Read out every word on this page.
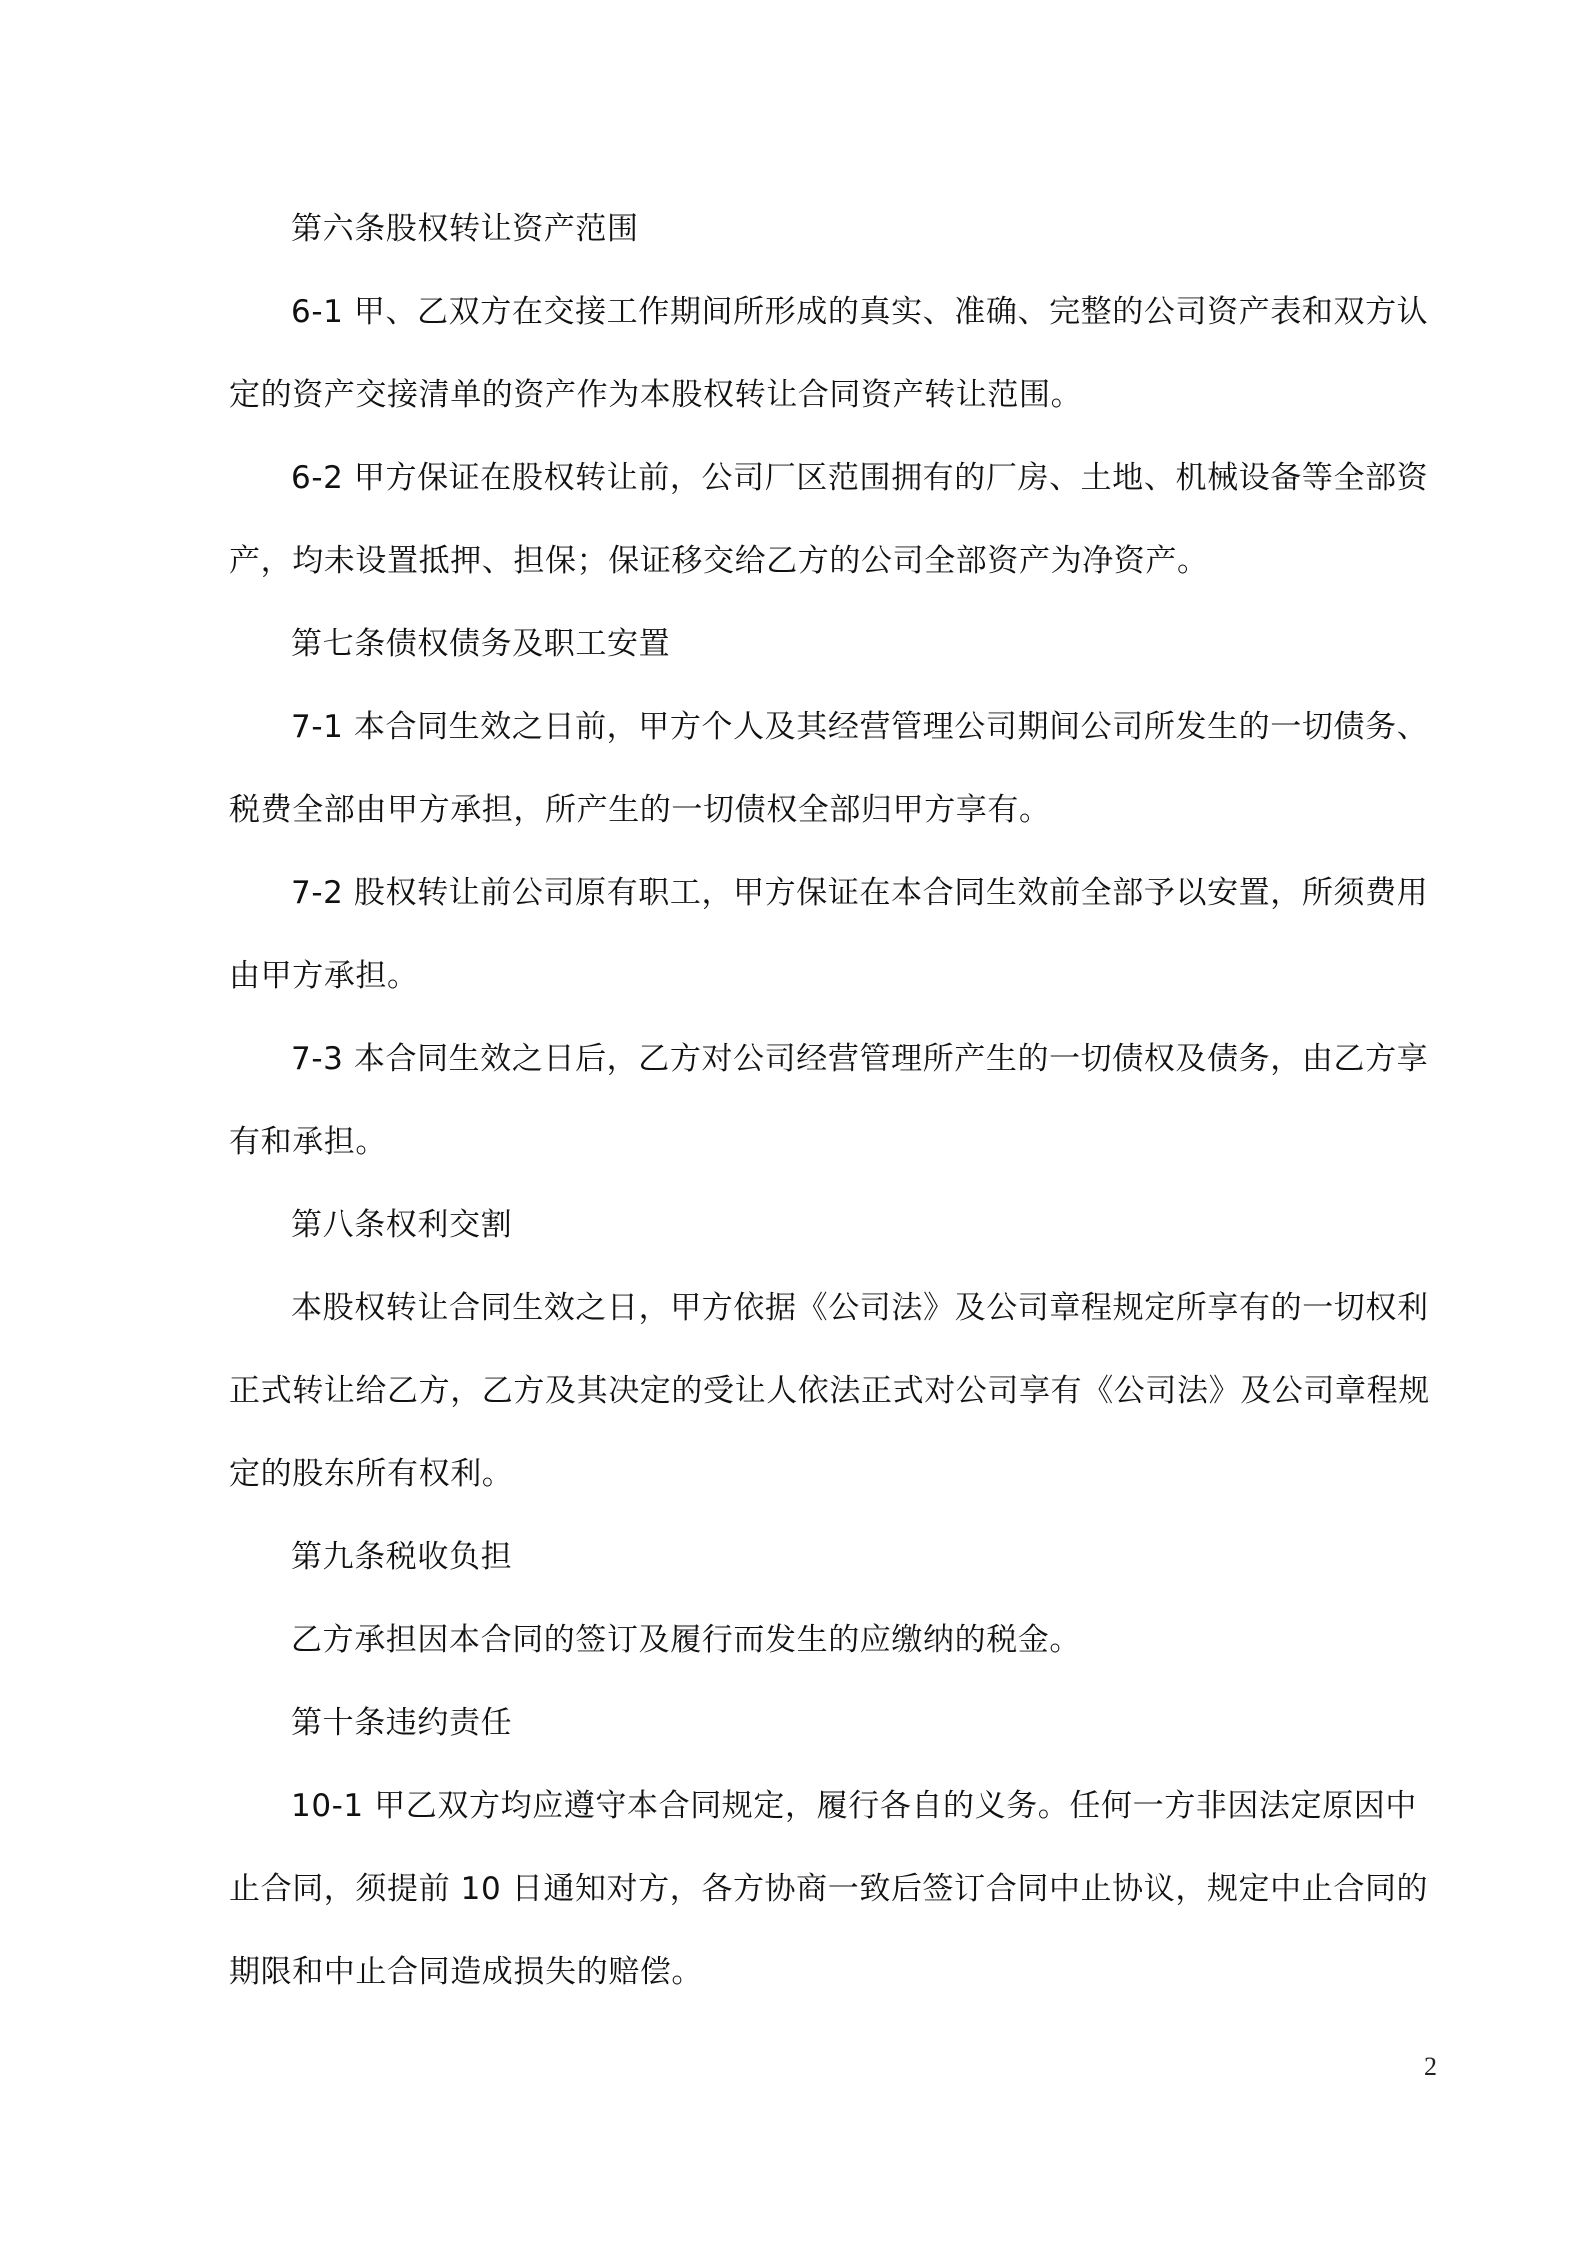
第六条股权转让资产范围
6-1 甲、乙双方在交接工作期间所形成的真实、准确、完整的公司资产表和双方认
定的资产交接清单的资产作为本股权转让合同资产转让范围。
6-2 甲方保证在股权转让前，公司厂区范围拥有的厂房、土地、机械设备等全部资
产，均未设置抵押、担保；保证移交给乙方的公司全部资产为净资产。
第七条债权债务及职工安置
7-1 本合同生效之日前，甲方个人及其经营管理公司期间公司所发生的一切债务、
税费全部由甲方承担，所产生的一切债权全部归甲方享有。
7-2 股权转让前公司原有职工，甲方保证在本合同生效前全部予以安置，所须费用
由甲方承担。
7-3 本合同生效之日后，乙方对公司经营管理所产生的一切债权及债务，由乙方享
有和承担。
第八条权利交割
本股权转让合同生效之日，甲方依据《公司法》及公司章程规定所享有的一切权利
正式转让给乙方，乙方及其决定的受让人依法正式对公司享有《公司法》及公司章程规
定的股东所有权利。
第九条税收负担
乙方承担因本合同的签订及履行而发生的应缴纳的税金。
第十条违约责任
10-1 甲乙双方均应遵守本合同规定，履行各自的义务。任何一方非因法定原因中
止合同，须提前 10 日通知对方，各方协商一致后签订合同中止协议，规定中止合同的
期限和中止合同造成损失的赔偿。
2
